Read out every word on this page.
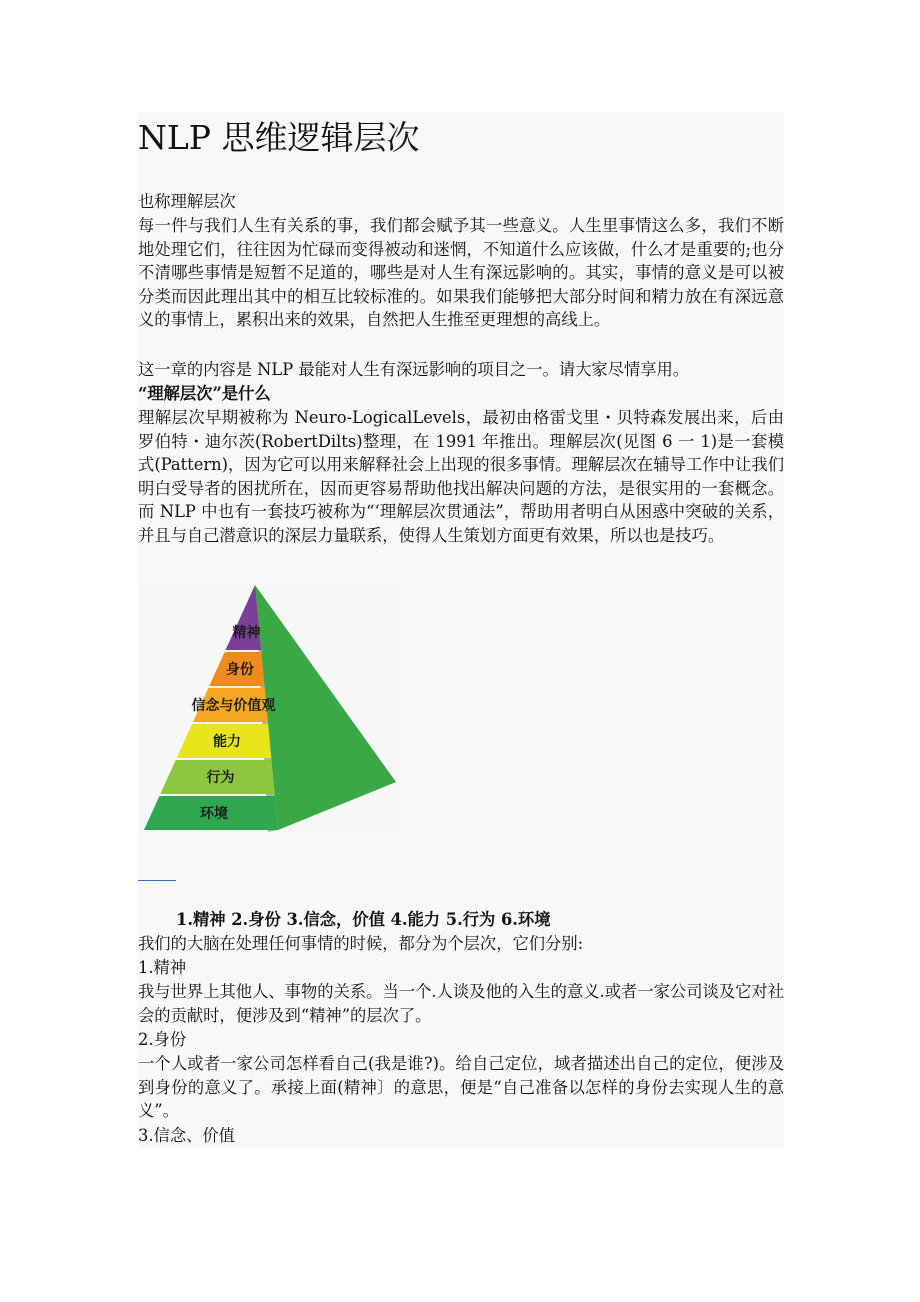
NLP 思维逻辑层次

也称理解层次

每一件与我们人生有关系的事，我们都会赋予其一些意义。人生里事情这么多，我们不断地处理它们，往往因为忙碌而变得被动和迷惘，不知道什么应该做，什么才是重要的;也分不清哪些事情是短暂不足道的，哪些是对人生有深远影响的。其实，事情的意义是可以被分类而因此理出其中的相互比较标准的。如果我们能够把大部分时间和精力放在有深远意义的事情上，累积出来的效果，自然把人生推至更理想的高线上。

这一章的内容是 NLP 最能对人生有深远影响的项目之一。请大家尽情享用。

“理解层次”是什么

理解层次早期被称为 Neuro-LogicalLevels，最初由格雷戈里・贝特森发展出来，后由罗伯特・迪尔茨(RobertDilts)整理，在 1991 年推出。理解层次(见图 6 一 1)是一套模式(Pattern)，因为它可以用来解释社会上出现的很多事情。理解层次在辅导工作中让我们明白受导者的困扰所在，因而更容易帮助他找出解决问题的方法，是很实用的一套概念。而 NLP 中也有一套技巧被称为“‘理解层次贯通法”，帮助用者明白从困惑中突破的关系，并且与自己潜意识的深层力量联系，使得人生策划方面更有效果，所以也是技巧。

精神
身份
信念与价值观
能力
行为
环境

1.精神 2.身份 3.信念，价值 4.能力 5.行为 6.环境

我们的大脑在处理任何事情的时候，都分为个层次，它们分别:

1.精神

我与世界上其他人、事物的关系。当一个.人谈及他的入生的意义.或者一家公司谈及它对社会的贡献时，便涉及到“精神”的层次了。

2.身份

一个人或者一家公司怎样看自己(我是谁?)。给自己定位，域者描述出自己的定位，便涉及到身份的意义了。承接上面(精神〕的意思，便是“自己准备以怎样的身份去实现人生的意义”。

3.信念、价值
